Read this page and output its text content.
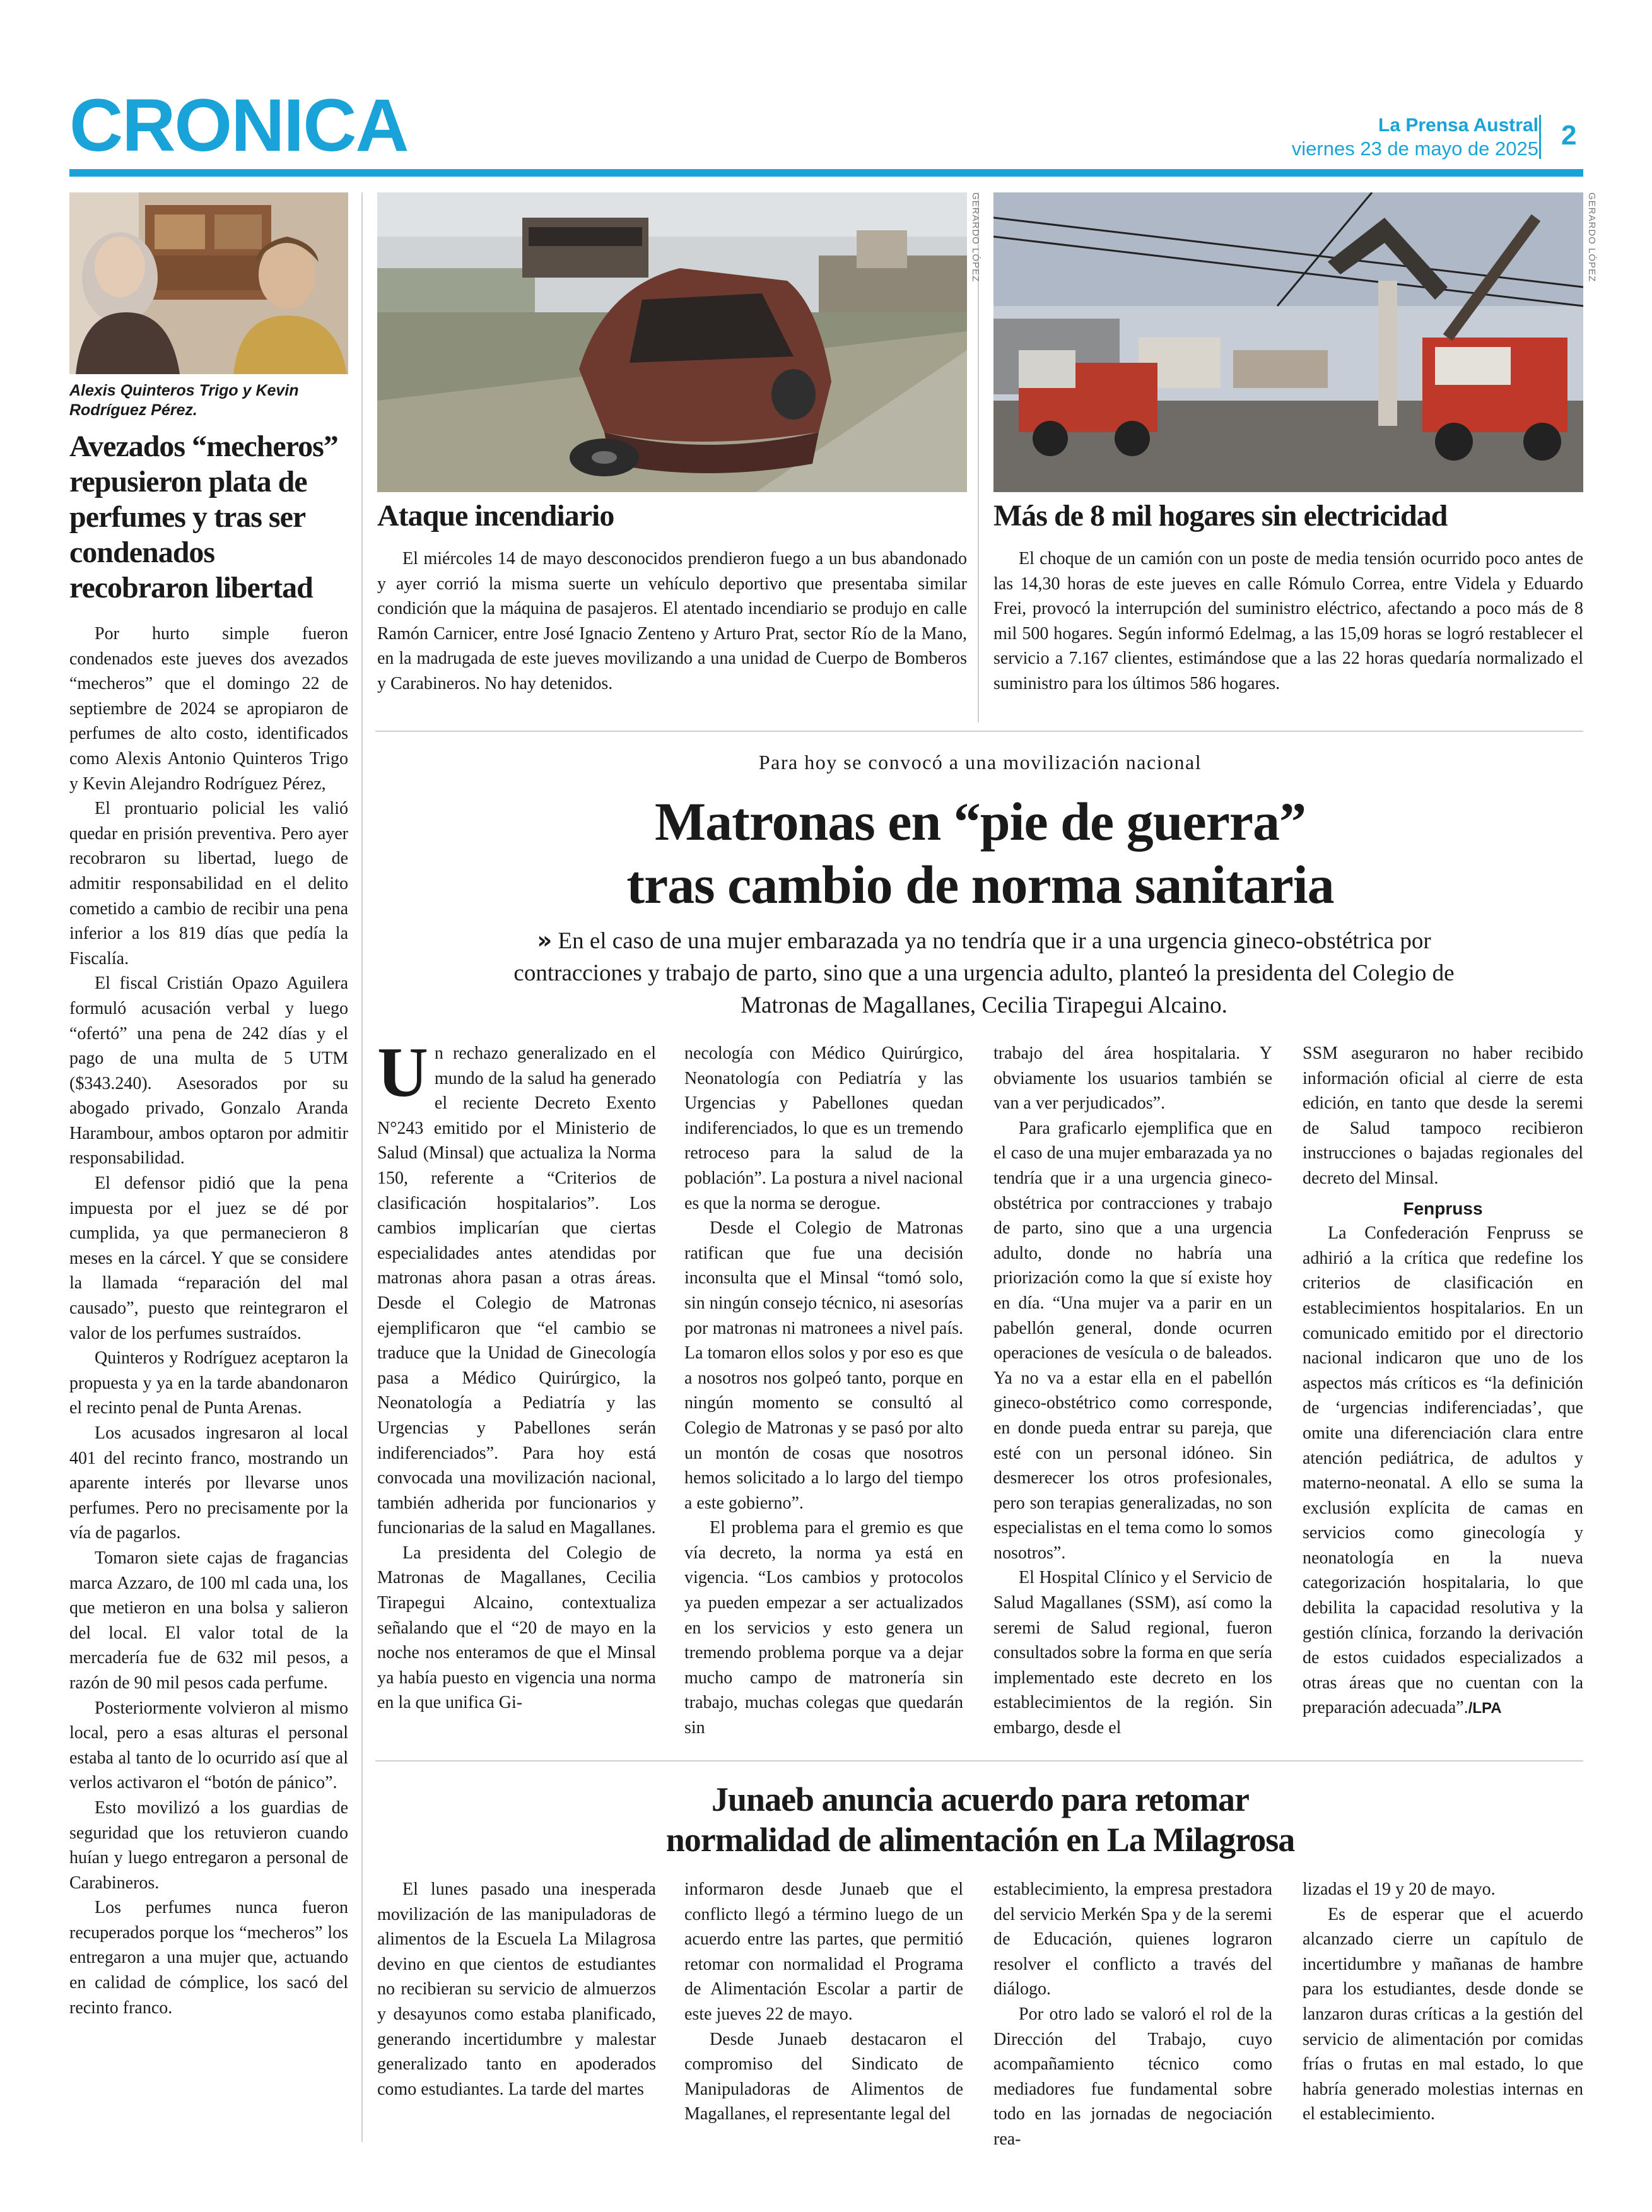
CRONICA	La Prensa Austral
viernes 23 de mayo de 2025 2
Alexis Quinteros Trigo y Kevin Rodríguez Pérez.
Avezados “mecheros” repusieron plata de perfumes y tras ser condenados recobraron libertad

Por hurto simple fueron condenados este jueves dos avezados “mecheros” que el domingo 22 de septiembre de 2024 se apropiaron de perfumes de alto costo, identificados como Alexis Antonio Quinteros Trigo y Kevin Alejandro Rodríguez Pérez,

El prontuario policial les valió quedar en prisión preventiva. Pero ayer recobraron su libertad, luego de admitir responsabilidad en el delito cometido a cambio de recibir una pena inferior a los 819 días que pedía la Fiscalía.

El fiscal Cristián Opazo Aguilera formuló acusación verbal y luego “ofertó” una pena de 242 días y el pago de una multa de 5 UTM ($343.240). Asesorados por su abogado privado, Gonzalo Aranda Harambour, ambos optaron por admitir responsabilidad.

El defensor pidió que la pena impuesta por el juez se dé por cumplida, ya que permanecieron 8 meses en la cárcel. Y que se considere la llamada “reparación del mal causado”, puesto que reintegraron el valor de los perfumes sustraídos.

Quinteros y Rodríguez aceptaron la propuesta y ya en la tarde abandonaron el recinto penal de Punta Arenas.

Los acusados ingresaron al local 401 del recinto franco, mostrando un aparente interés por llevarse unos perfumes. Pero no precisamente por la vía de pagarlos.

Tomaron siete cajas de fragancias marca Azzaro, de 100 ml cada una, los que metieron en una bolsa y salieron del local. El valor total de la mercadería fue de 632 mil pesos, a razón de 90 mil pesos cada perfume.

Posteriormente volvieron al mismo local, pero a esas alturas el personal estaba al tanto de lo ocurrido así que al verlos activaron el “botón de pánico”.

Esto movilizó a los guardias de seguridad que los retuvieron cuando huían y luego entregaron a personal de Carabineros.

Los perfumes nunca fueron recuperados porque los “mecheros” los entregaron a una mujer que, actuando en calidad de cómplice, los sacó del recinto franco.

GERARDO LÓPEZ
Ataque incendiario

El miércoles 14 de mayo desconocidos prendieron fuego a un bus abandonado y ayer corrió la misma suerte un vehículo deportivo que presentaba similar condición que la máquina de pasajeros. El atentado incendiario se produjo en calle Ramón Carnicer, entre José Ignacio Zenteno y Arturo Prat, sector Río de la Mano, en la madrugada de este jueves movilizando a una unidad de Cuerpo de Bomberos y Carabineros. No hay detenidos.

GERARDO LÓPEZ
Más de 8 mil hogares sin electricidad

El choque de un camión con un poste de media tensión ocurrido poco antes de las 14,30 horas de este jueves en calle Rómulo Correa, entre Videla y Eduardo Frei, provocó la interrupción del suministro eléctrico, afectando a poco más de 8 mil 500 hogares. Según informó Edelmag, a las 15,09 horas se logró restablecer el servicio a 7.167 clientes, estimándose que a las 22 horas quedaría normalizado el suministro para los últimos 586 hogares.

Para hoy se convocó a una movilización nacional
Matronas en “pie de guerra”
tras cambio de norma sanitaria
» En el caso de una mujer embarazada ya no tendría que ir a una urgencia gineco-obstétrica por contracciones y trabajo de parto, sino que a una urgencia adulto, planteó la presidenta del Colegio de Matronas de Magallanes, Cecilia Tirapegui Alcaino.

Un rechazo generalizado en el mundo de la salud ha generado el reciente Decreto Exento N°243 emitido por el Ministerio de Salud (Minsal) que actualiza la Norma 150, referente a “Criterios de clasificación hospitalarios”. Los cambios implicarían que ciertas especialidades antes atendidas por matronas ahora pasan a otras áreas. Desde el Colegio de Matronas ejemplificaron que “el cambio se traduce que la Unidad de Ginecología pasa a Médico Quirúrgico, la Neonatología a Pediatría y las Urgencias y Pabellones serán indiferenciados”. Para hoy está convocada una movilización nacional, también adherida por funcionarios y funcionarias de la salud en Magallanes.

La presidenta del Colegio de Matronas de Magallanes, Cecilia Tirapegui Alcaino, contextualiza señalando que el “20 de mayo en la noche nos enteramos de que el Minsal ya había puesto en vigencia una norma en la que unifica Gi-

necología con Médico Quirúrgico, Neonatología con Pediatría y las Urgencias y Pabellones quedan indiferenciados, lo que es un tremendo retroceso para la salud de la población”. La postura a nivel nacional es que la norma se derogue.

Desde el Colegio de Matronas ratifican que fue una decisión inconsulta que el Minsal “tomó solo, sin ningún consejo técnico, ni asesorías por matronas ni matronees a nivel país. La tomaron ellos solos y por eso es que a nosotros nos golpeó tanto, porque en ningún momento se consultó al Colegio de Matronas y se pasó por alto un montón de cosas que nosotros hemos solicitado a lo largo del tiempo a este gobierno”.

El problema para el gremio es que vía decreto, la norma ya está en vigencia. “Los cambios y protocolos ya pueden empezar a ser actualizados en los servicios y esto genera un tremendo problema porque va a dejar mucho campo de matronería sin trabajo, muchas colegas que quedarán sin

trabajo del área hospitalaria. Y obviamente los usuarios también se van a ver perjudicados”.

Para graficarlo ejemplifica que en el caso de una mujer embarazada ya no tendría que ir a una urgencia gineco-obstétrica por contracciones y trabajo de parto, sino que a una urgencia adulto, donde no habría una priorización como la que sí existe hoy en día. “Una mujer va a parir en un pabellón general, donde ocurren operaciones de vesícula o de baleados. Ya no va a estar ella en el pabellón gineco-obstétrico como corresponde, en donde pueda entrar su pareja, que esté con un personal idóneo. Sin desmerecer los otros profesionales, pero son terapias generalizadas, no son especialistas en el tema como lo somos nosotros”.

El Hospital Clínico y el Servicio de Salud Magallanes (SSM), así como la seremi de Salud regional, fueron consultados sobre la forma en que sería implementado este decreto en los establecimientos de la región. Sin embargo, desde el

SSM aseguraron no haber recibido información oficial al cierre de esta edición, en tanto que desde la seremi de Salud tampoco recibieron instrucciones o bajadas regionales del decreto del Minsal.

Fenpruss

La Confederación Fenpruss se adhirió a la crítica que redefine los criterios de clasificación en establecimientos hospitalarios. En un comunicado emitido por el directorio nacional indicaron que uno de los aspectos más críticos es “la definición de ‘urgencias indiferenciadas’, que omite una diferenciación clara entre atención pediátrica, de adultos y materno-neonatal. A ello se suma la exclusión explícita de camas en servicios como ginecología y neonatología en la nueva categorización hospitalaria, lo que debilita la capacidad resolutiva y la gestión clínica, forzando la derivación de estos cuidados especializados a otras áreas que no cuentan con la preparación adecuada”./LPA

Junaeb anuncia acuerdo para retomar
normalidad de alimentación en La Milagrosa

El lunes pasado una inesperada movilización de las manipuladoras de alimentos de la Escuela La Milagrosa devino en que cientos de estudiantes no recibieran su servicio de almuerzos y desayunos como estaba planificado, generando incertidumbre y malestar generalizado tanto en apoderados como estudiantes. La tarde del martes

informaron desde Junaeb que el conflicto llegó a término luego de un acuerdo entre las partes, que permitió retomar con normalidad el Programa de Alimentación Escolar a partir de este jueves 22 de mayo.

Desde Junaeb destacaron el compromiso del Sindicato de Manipuladoras de Alimentos de Magallanes, el representante legal del

establecimiento, la empresa prestadora del servicio Merkén Spa y de la seremi de Educación, quienes lograron resolver el conflicto a través del diálogo.

Por otro lado se valoró el rol de la Dirección del Trabajo, cuyo acompañamiento técnico como mediadores fue fundamental sobre todo en las jornadas de negociación rea-

lizadas el 19 y 20 de mayo.

Es de esperar que el acuerdo alcanzado cierre un capítulo de incertidumbre y mañanas de hambre para los estudiantes, desde donde se lanzaron duras críticas a la gestión del servicio de alimentación por comidas frías o frutas en mal estado, lo que habría generado molestias internas en el establecimiento.
